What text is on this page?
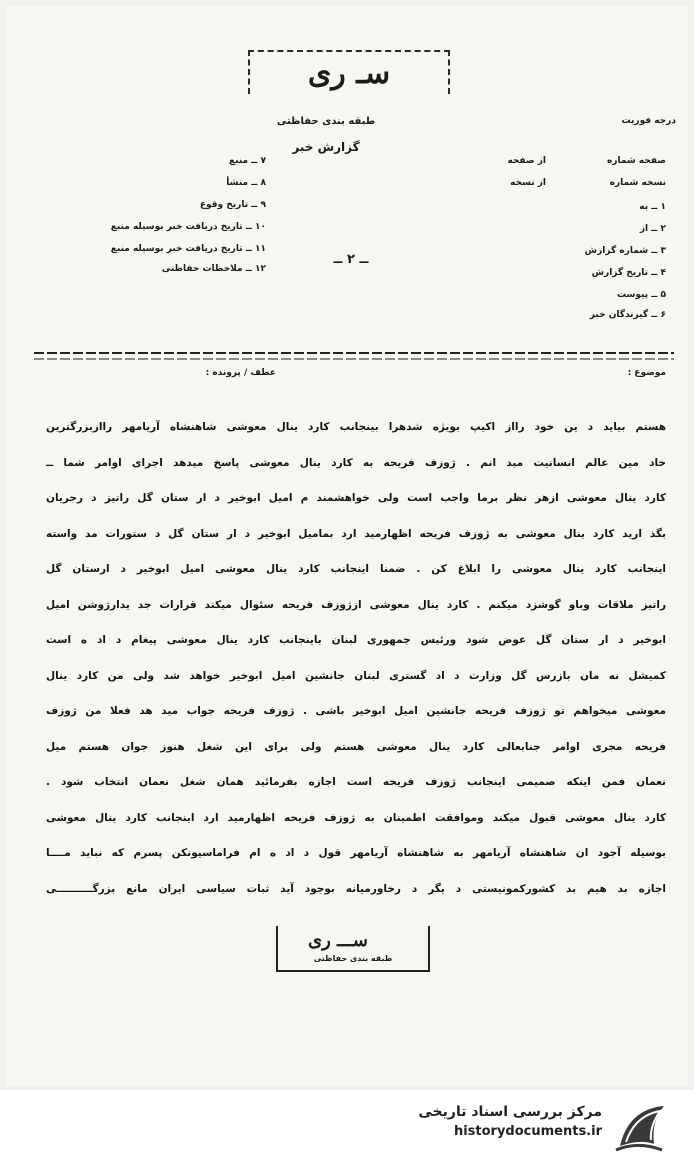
سـ ری
طبقه بندی حفاظتی
گزارش خبر
درجه فوریت
صفحه شماره
از صفحه
نسخه شماره
از نسخه
۱ ــ به
۲ ــ از
۳ ــ شماره گزارش
۴ ــ تاریخ گزارش
۵ ــ پیوست
۶ ــ گیرندگان خبر
۷ ــ منبع
۸ ــ منشأ
۹ ــ تاریخ وقوع
۱۰ ــ تاریخ دریافت خبر بوسیله منبع
۱۱ ــ تاریخ دریافت خبر بوسیله منبع
۱۲ ــ ملاحظات حفاظتی
ــ ۲ ــ
موضوع :
عطف / پرونده :

هستم بیاید د ین خود رااز اکیپ بویژه شدهرا بینجانب کارد ینال معوشی شاهنشاه آریامهر راازبزرگترین

خاد مین عالم انسانیت مید انم . ژوزف فریحه به کارد ینال معوشی پاسخ میدهد اجرای اوامر شما ــ

کارد ینال معوشی ازهر نظر برما واجب است ولی خواهشمند م امیل ابوخیر د ار ستان گل راتیز د رجریان

بگذ ارید کارد ینال معوشی به ژوزف فریحه اظهارمید ارد بمامیل ابوخیر د ار ستان گل د ستورات مد واسته

اینجانب کارد ینال معوشی را ابلاغ کن . ضمنا اینجانب کارد ینال معوشی امیل ابوخیر د ارستان گل

راتیز ملاقات وباو گوشزد میکنم . کارد ینال معوشی ازژوزف فریحه سئوال میکند قرارات جد یدارژوشن امیل

ابوخیر د ار ستان گل عوض شود ورئیس جمهوری لبنان باینجانب کارد ینال معوشی پیغام د اد ه است

کمیشل نه مان بازرس گل وزارت د اد گستری لبنان جانشین امیل ابوخیر خواهد شد ولی من کارد ینال

معوشی میخواهم تو ژوزف فریحه جانشین امیل ابوخیر باشی . ژوزف فریحه جواب مید هد فعلا من ژوزف

فریحه مجری اوامر جنابعالی کارد ینال معوشی هستم ولی برای این شغل هنوز جوان هستم میل

نعمان فمن اینکه صمیمی اینجانب ژوزف فریحه است اجازه بفرمائید همان شغل نعمان انتخاب شود .

کارد ینال معوشی قبول میکند وموافقت اطمینان به ژوزف فریحه اظهارمید ارد اینجانب کارد ینال معوشی

بوسیله آجود ان شاهنشاه آریامهر به شاهنشاه آریامهر قول د اد ه ام فراماسیونکن پسرم که نباید مــــا

اجازه بد هیم بد کشورکمونیستی د یگر د رخاورمیانه بوجود آید ثبات سیاسی ایران مانع بزرگــــــــــی

ســـ ری
طبقه بندی حفاظتی
مرکز بررسی اسناد تاریخی
historydocuments.ir
